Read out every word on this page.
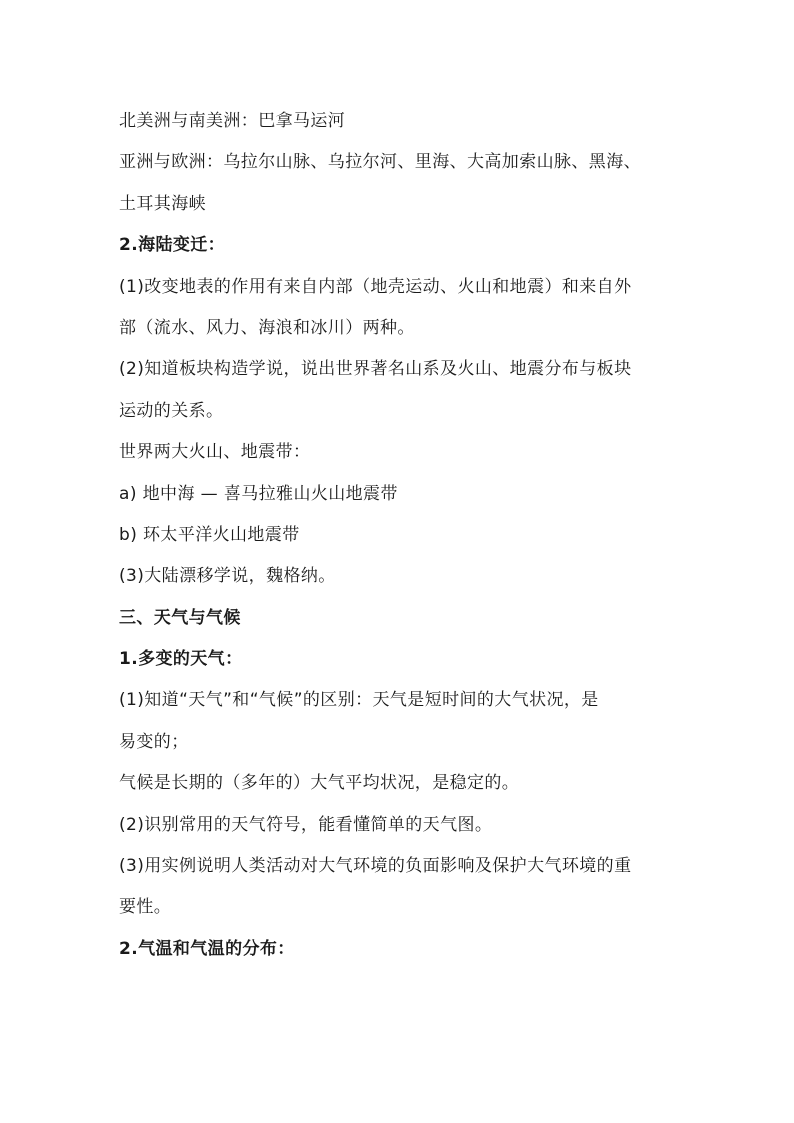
北美洲与南美洲：巴拿马运河
亚洲与欧洲：乌拉尔山脉、乌拉尔河、里海、大高加索山脉、黑海、
土耳其海峡
2.海陆变迁：
(1)改变地表的作用有来自内部（地壳运动、火山和地震）和来自外
部（流水、风力、海浪和冰川）两种。
(2)知道板块构造学说，说出世界著名山系及火山、地震分布与板块
运动的关系。
世界两大火山、地震带：
a) 地中海 — 喜马拉雅山火山地震带
b) 环太平洋火山地震带
(3)大陆漂移学说，魏格纳。
三、天气与气候
1.多变的天气：
(1)知道“天气”和“气候”的区别：天气是短时间的大气状况，是
易变的；
气候是长期的（多年的）大气平均状况，是稳定的。
(2)识别常用的天气符号，能看懂简单的天气图。
(3)用实例说明人类活动对大气环境的负面影响及保护大气环境的重
要性。
2.气温和气温的分布：
